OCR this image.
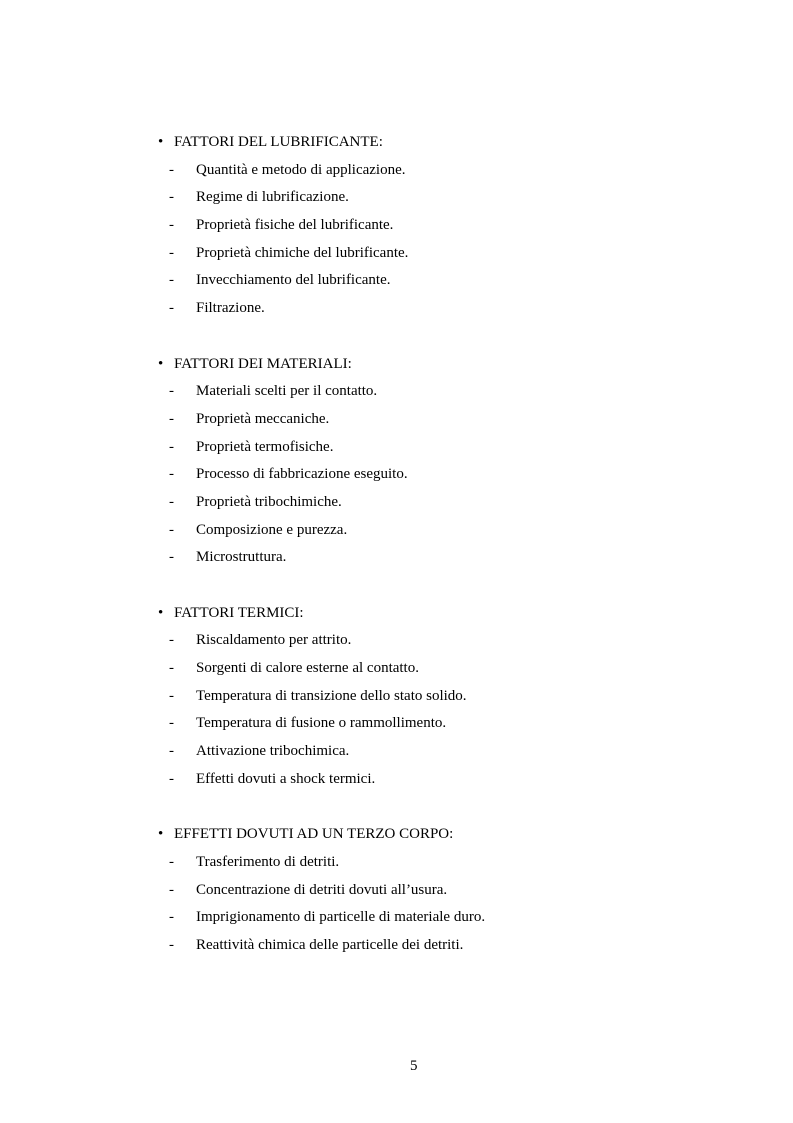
• FATTORI DEL LUBRIFICANTE:
- Quantità e metodo di applicazione.
- Regime di lubrificazione.
- Proprietà fisiche del lubrificante.
- Proprietà chimiche del lubrificante.
- Invecchiamento del lubrificante.
- Filtrazione.
• FATTORI DEI MATERIALI:
- Materiali scelti per il contatto.
- Proprietà meccaniche.
- Proprietà termofisiche.
- Processo di fabbricazione eseguito.
- Proprietà tribochimiche.
- Composizione e purezza.
- Microstruttura.
• FATTORI TERMICI:
- Riscaldamento per attrito.
- Sorgenti di calore esterne al contatto.
- Temperatura di transizione dello stato solido.
- Temperatura di fusione o rammollimento.
- Attivazione tribochimica.
- Effetti dovuti a shock termici.
• EFFETTI DOVUTI AD UN TERZO CORPO:
- Trasferimento di detriti.
- Concentrazione di detriti dovuti all’usura.
- Imprigionamento di particelle di materiale duro.
- Reattività chimica delle particelle dei detriti.
5
